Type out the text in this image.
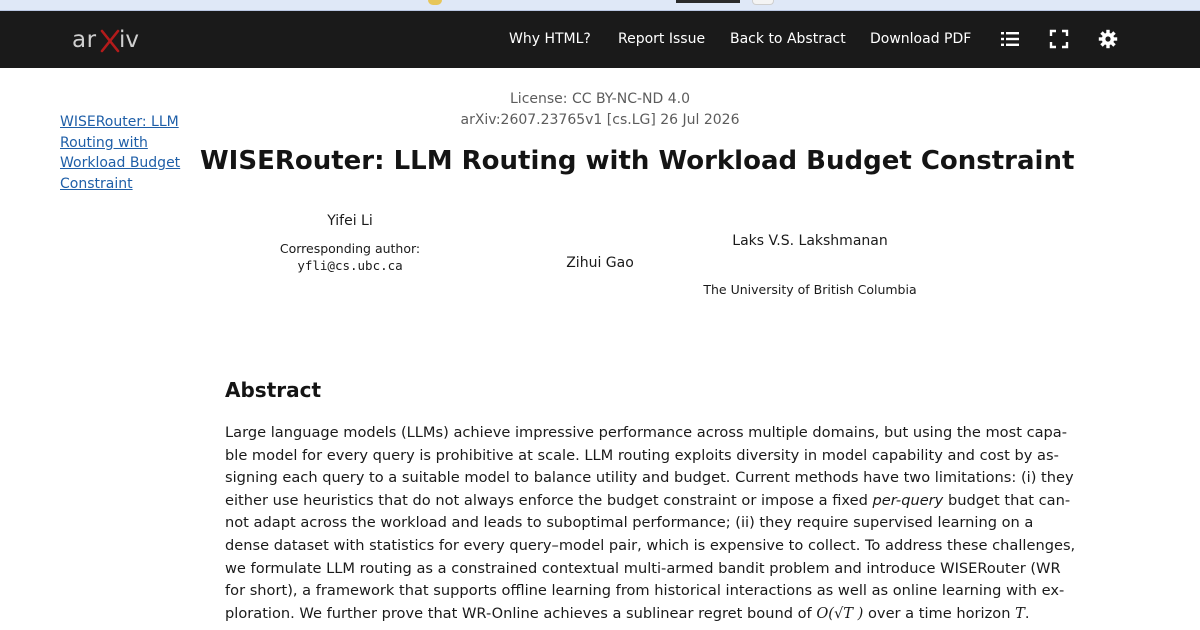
ar iv	Why HTML? Report Issue Back to Abstract Download PDF
WISERouter: LLM
Routing with
Workload Budget
Constraint
License: CC BY-NC-ND 4.0
arXiv:2607.23765v1 [cs.LG] 26 Jul 2026
WISERouter: LLM Routing with Workload Budget Constraint
Yifei Li
Corresponding author:
yfli@cs.ubc.ca	Zihui Gao
Laks V.S. Lakshmanan
The University of British Columbia
Abstract
Large language models (LLMs) achieve impressive performance across multiple domains, but using the most capa-
ble model for every query is prohibitive at scale. LLM routing exploits diversity in model capability and cost by as-
signing each query to a suitable model to balance utility and budget. Current methods have two limitations: (i) they
either use heuristics that do not always enforce the budget constraint or impose a fixed per-query budget that can-
not adapt across the workload and leads to suboptimal performance; (ii) they require supervised learning on a
dense dataset with statistics for every query–model pair, which is expensive to collect. To address these challenges,
we formulate LLM routing as a constrained contextual multi-armed bandit problem and introduce WISERouter (WR
for short), a framework that supports offline learning from historical interactions as well as online learning with ex-
ploration. We further prove that WR-Online achieves a sublinear regret bound of O(√T ) over a time horizon T.
